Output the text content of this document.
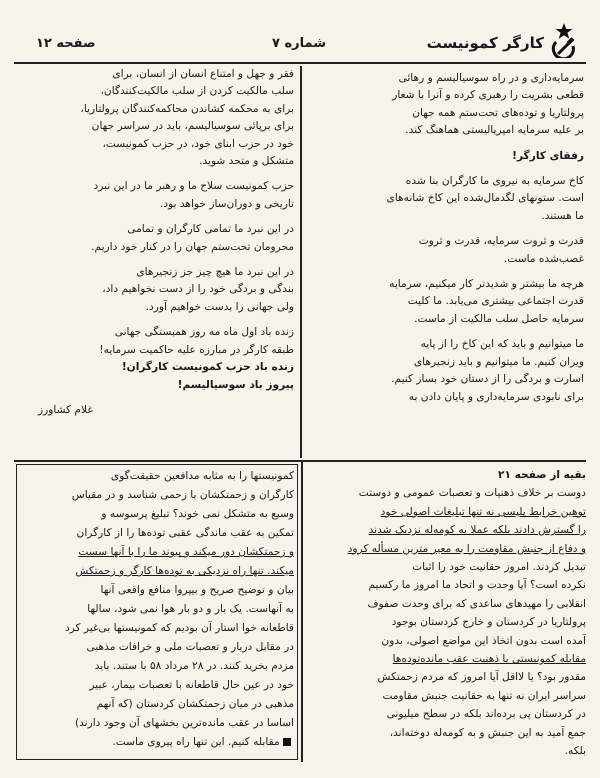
صفحه ۱۲	شماره ۷	کارگر کمونیست

سرمایه‌داری و در راه سوسیالیسم و رهائی

قطعی بشریت را رهبری کرده و آنرا با شعار

پرولتاریا و توده‌های تحت‌ستم همه جهان

بر علیه سرمایه امپریالیستی هماهنگ کند.

رفقای کارگر!

کاخ سرمایه به نیروی ما کارگران بنا شده

است. ستونهای لگدمال‌شده این کاخ شانه‌های

ما هستند.

قدرت و ثروت سرمایه، قدرت و ثروت

غصب‌شده ماست.

هرچه ما بیشتر و شدیدتر کار میکنیم، سرمایه

قدرت اجتماعی بیشتری می‌یابد. ما کلیت

سرمایه حاصل سلب مالکیت از ماست.

ما میتوانیم و باید که این کاخ را از پایه

ویران کنیم. ما میتوانیم و باید زنجیرهای

اسارت و بردگی را از دستان خود بساز کنیم.

برای نابودی سرمایه‌داری و پایان دادن به

فقر و جهل و امتناع انسان از انسان، برای

سلب مالکیت کردن از سلب مالکیت‌کنندگان،

برای به محکمه کشاندن محاکمه‌کنندگان پرولتاریا،

برای برپائی سوسیالیسم، باید در سراسر جهان

خود در حزب ابنای خود، در حزب کمونیست،

متشکل و متحد شوید.

حزب کمونیست سلاح ما و رهبر ما در این نبرد

تاریخی و دوران‌ساز خواهد بود.

در این نبرد ما تمامی کارگران و تمامی

محرومان تحت‌ستم جهان را در کنار خود داریم.

در این نبرد ما هیچ چیز جز زنجیرهای

بندگی و بردگی خود را از دست نخواهیم داد،

ولی جهانی را بدست خواهیم آورد.

زنده باد اول ماه مه روز همبستگی جهانی

طبقه کارگر در مبارزه علیه حاکمیت سرمایه!

زنده باد حزب کمونیست کارگران!

پیروز باد سوسیالیسم!

غلام کشاورز

کمونیستها را به مثابه مدافعین حقیقت‌گوی

کارگران و زحمتکشان با زحمی شناسد و در مقیاس

وسیع به متشکل نمی خوند؟ تبلیغ پرسوسه و

تمکین به عقب ماندگی عقبی توده‌ها را از کارگران

و زحمتکشان دور میکند و پیوند ما را با آنها سست

میکند. تنها راه نزدیکی به توده‌ها کارگر و زحمتکش

بیان و توضیح صریح و بیپروا منافع واقعی آنها

به آنهاست. یک بار و دو بار هوا نمی شود، سالها

قاطعانه خوا استار آن بودیم که کمونیستها بی‌غیر کرد

در مقابل دربار و تعصبات ملی و خرافات مذهبی

مزدم بخرید کنند. در ۲۸ مرداد ۵۸ با ستند. باید

خود در عین حال قاطعانه با تعصبات بیمار، عبیر

مذهبی در میان زحمتکشان کردستان (که آنهم

اساسا در عقب مانده‌ترین بخشهای آن وجود دارند)

مقابله کنیم. این تنها راه پیروی ماست.

بقیه از صفحه ۲۱

دوست بر خلاف ذهنیات و تعصبات عمومی و دوستت

توهین خرابط پلیسی نه تنها تبلیغات اصولی خود

را گسترش دادند بلکه عملا به کومه‌له نزدیک شدند

و دفاع از جنبش مقاومت را به معیر مترین مسأله کرود

تبدیل کردند. امروز حقانیت خود را اثبات

نکرده است؟ آیا وحدت و اتحاد ما امروز ما رکسیم

انقلابی را مهیدهای ساعدی که برای وحدت صفوف

پرولتاریا در کردستان و خارج کردستان بوجود

آمده است بدون اتخاذ این مواضع اصولی، بدون

مقابله کمونیستی با ذهنیت عقب مانده‌توده‌ها

مقدور بود؟ یا لااقل آیا امروز که مردم زحمتکش

سراسر ایران نه تنها به حقانیت جنبش مقاومت

در کردستان پی برده‌اند بلکه در سطح میلیونی

جمع آمید به این جنبش و به کومه‌له دوخته‌اند،

بلکه.
